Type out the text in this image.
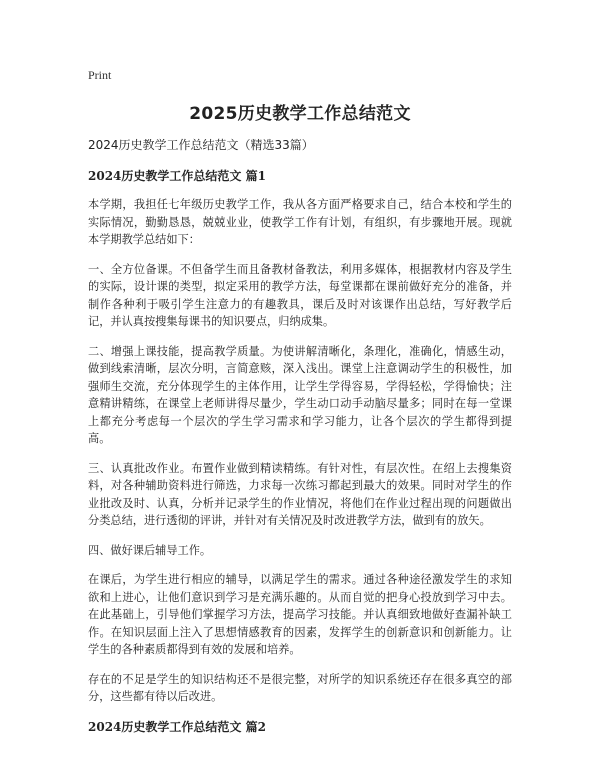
Print
2025历史教学工作总结范文
2024历史教学工作总结范文（精选33篇）
2024历史教学工作总结范文 篇1

本学期，我担任七年级历史教学工作，我从各方面严格要求自己，结合本校和学生的实际情况，勤勤恳恳，兢兢业业，使教学工作有计划，有组织，有步骤地开展。现就本学期教学总结如下：

一、全方位备课。不但备学生而且备教材备教法，利用多媒体，根据教材内容及学生的实际，设计课的类型，拟定采用的教学方法，每堂课都在课前做好充分的准备，并制作各种利于吸引学生注意力的有趣教具，课后及时对该课作出总结，写好教学后记，并认真按搜集每课书的知识要点，归纳成集。

二、增强上课技能，提高教学质量。为使讲解清晰化，条理化，准确化，情感生动，做到线索清晰，层次分明，言简意赅，深入浅出。课堂上注意调动学生的积极性，加强师生交流，充分体现学生的主体作用，让学生学得容易，学得轻松，学得愉快；注意精讲精练，在课堂上老师讲得尽量少，学生动口动手动脑尽量多；同时在每一堂课上都充分考虑每一个层次的学生学习需求和学习能力，让各个层次的学生都得到提高。

三、认真批改作业。布置作业做到精读精练。有针对性，有层次性。在绍上去搜集资料，对各种辅助资料进行筛选，力求每一次练习都起到最大的效果。同时对学生的作业批改及时、认真，分析并记录学生的作业情况，将他们在作业过程出现的问题做出分类总结，进行透彻的评讲，并针对有关情况及时改进教学方法，做到有的放矢。

四、做好课后辅导工作。

在课后，为学生进行相应的辅导，以满足学生的需求。通过各种途径激发学生的求知欲和上进心，让他们意识到学习是充满乐趣的。从而自觉的把身心投放到学习中去。在此基础上，引导他们掌握学习方法，提高学习技能。并认真细致地做好查漏补缺工作。在知识层面上注入了思想情感教育的因素，发挥学生的创新意识和创新能力。让学生的各种素质都得到有效的发展和培养。

存在的不足是学生的知识结构还不是很完整，对所学的知识系统还存在很多真空的部分，这些都有待以后改进。

2024历史教学工作总结范文 篇2
